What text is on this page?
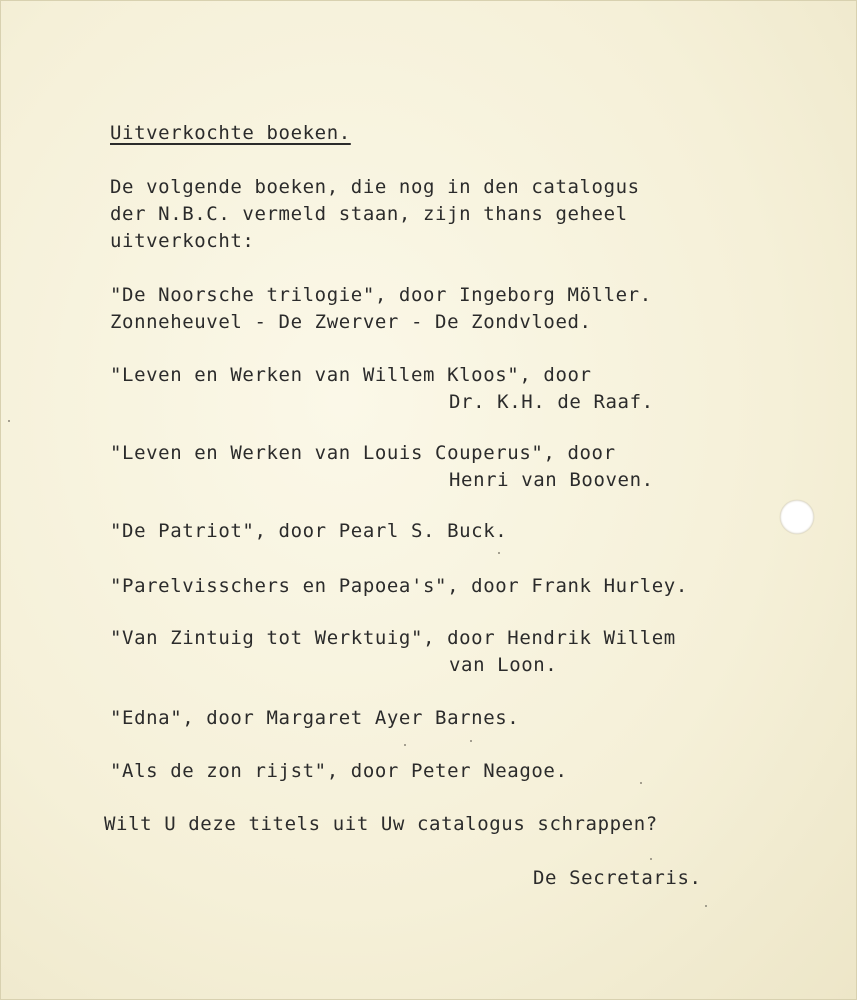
Uitverkochte boeken.
De volgende boeken, die nog in den catalogus
der N.B.C. vermeld staan, zijn thans geheel
uitverkocht:
"De Noorsche trilogie", door Ingeborg Möller.
Zonneheuvel - De Zwerver - De Zondvloed.
"Leven en Werken van Willem Kloos", door
Dr. K.H. de Raaf.
"Leven en Werken van Louis Couperus", door
Henri van Booven.
"De Patriot", door Pearl S. Buck.
"Parelvisschers en Papoea's", door Frank Hurley.
"Van Zintuig tot Werktuig", door Hendrik Willem
van Loon.
"Edna", door Margaret Ayer Barnes.
"Als de zon rijst", door Peter Neagoe.
Wilt U deze titels uit Uw catalogus schrappen?
De Secretaris.
